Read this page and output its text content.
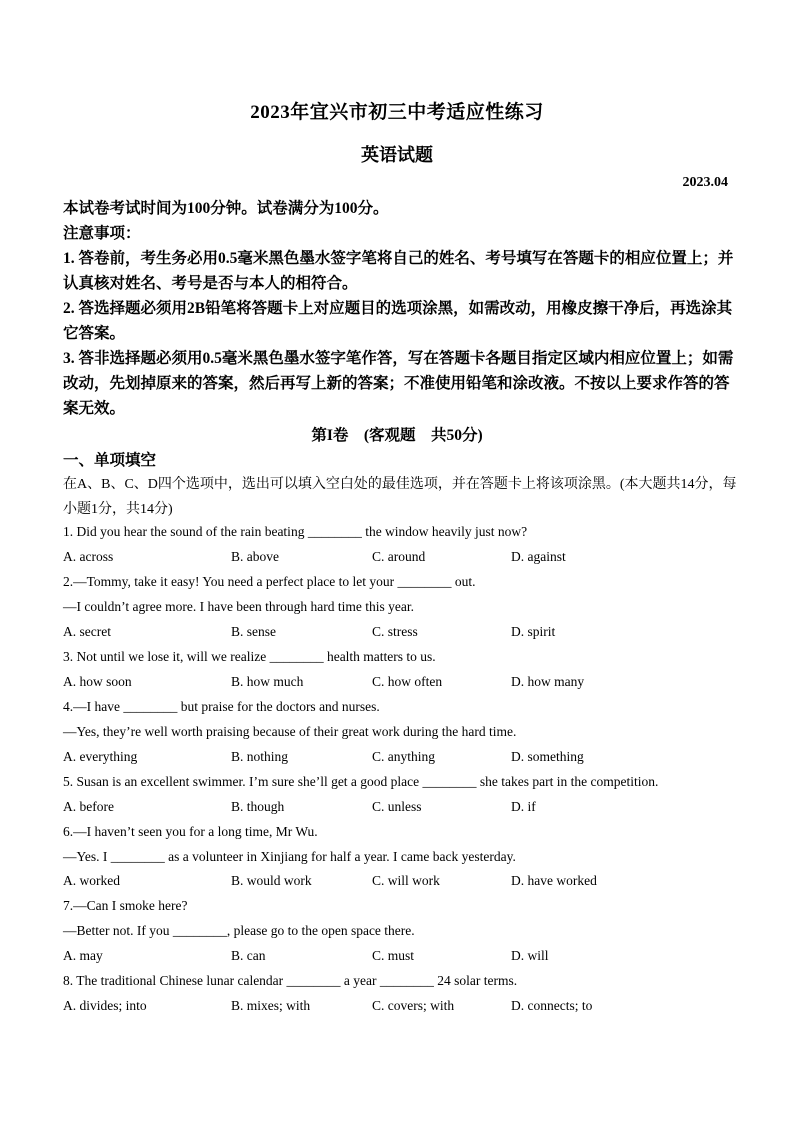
2023年宜兴市初三中考适应性练习
英语试题
2023.04

本试卷考试时间为100分钟。试卷满分为100分。

注意事项：

1. 答卷前，考生务必用0.5毫米黑色墨水签字笔将自己的姓名、考号填写在答题卡的相应位置上；并认真核对姓名、考号是否与本人的相符合。

2. 答选择题必须用2B铅笔将答题卡上对应题目的选项涂黑，如需改动，用橡皮擦干净后，再选涂其它答案。

3. 答非选择题必须用0.5毫米黑色墨水签字笔作答，写在答题卡各题目指定区域内相应位置上；如需改动，先划掉原来的答案，然后再写上新的答案；不准使用铅笔和涂改液。不按以上要求作答的答案无效。

第I卷　(客观题　共50分)
一、单项填空

在A、B、C、D四个选项中，选出可以填入空白处的最佳选项，并在答题卡上将该项涂黑。(本大题共14分，每小题1分，共14分)

1. Did you hear the sound of the rain beating ________ the window heavily just now?
A. across	B. above	C. around	D. against
2.—Tommy, take it easy! You need a perfect place to let your ________ out.
—I couldn’t agree more. I have been through hard time this year.
A. secret	B. sense	C. stress	D. spirit
3. Not until we lose it, will we realize ________ health matters to us.
A. how soon	B. how much	C. how often	D. how many
4.—I have ________ but praise for the doctors and nurses.
—Yes, they’re well worth praising because of their great work during the hard time.
A. everything	B. nothing	C. anything	D. something
5. Susan is an excellent swimmer. I’m sure she’ll get a good place ________ she takes part in the competition.
A. before	B. though	C. unless	D. if
6.—I haven’t seen you for a long time, Mr Wu.
—Yes. I ________ as a volunteer in Xinjiang for half a year. I came back yesterday.
A. worked	B. would work	C. will work	D. have worked
7.—Can I smoke here?
—Better not. If you ________, please go to the open space there.
A. may	B. can	C. must	D. will
8. The traditional Chinese lunar calendar ________ a year ________ 24 solar terms.
A. divides; into	B. mixes; with	C. covers; with	D. connects; to
